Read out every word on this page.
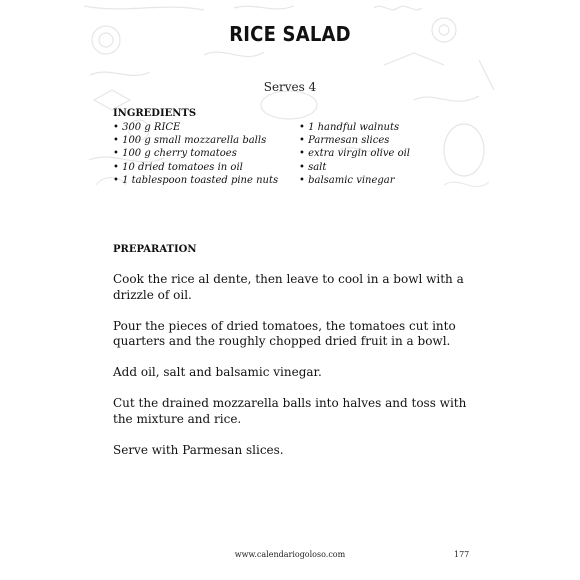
RICE SALAD
Serves 4
INGREDIENTS
• 300 g RICE
• 100 g small mozzarella balls
• 100 g cherry tomatoes
• 10 dried tomatoes in oil
• 1 tablespoon toasted pine nuts
• 1 handful walnuts
• Parmesan slices
• extra virgin olive oil
• salt
• balsamic vinegar
PREPARATION

Cook the rice al dente, then leave to cool in a bowl with a drizzle of oil.

Pour the pieces of dried tomatoes, the tomatoes cut into quarters and the roughly chopped dried fruit in a bowl.

Add oil, salt and balsamic vinegar.

Cut the drained mozzarella balls into halves and toss with the mixture and rice.

Serve with Parmesan slices.

www.calendariogoloso.com	177
